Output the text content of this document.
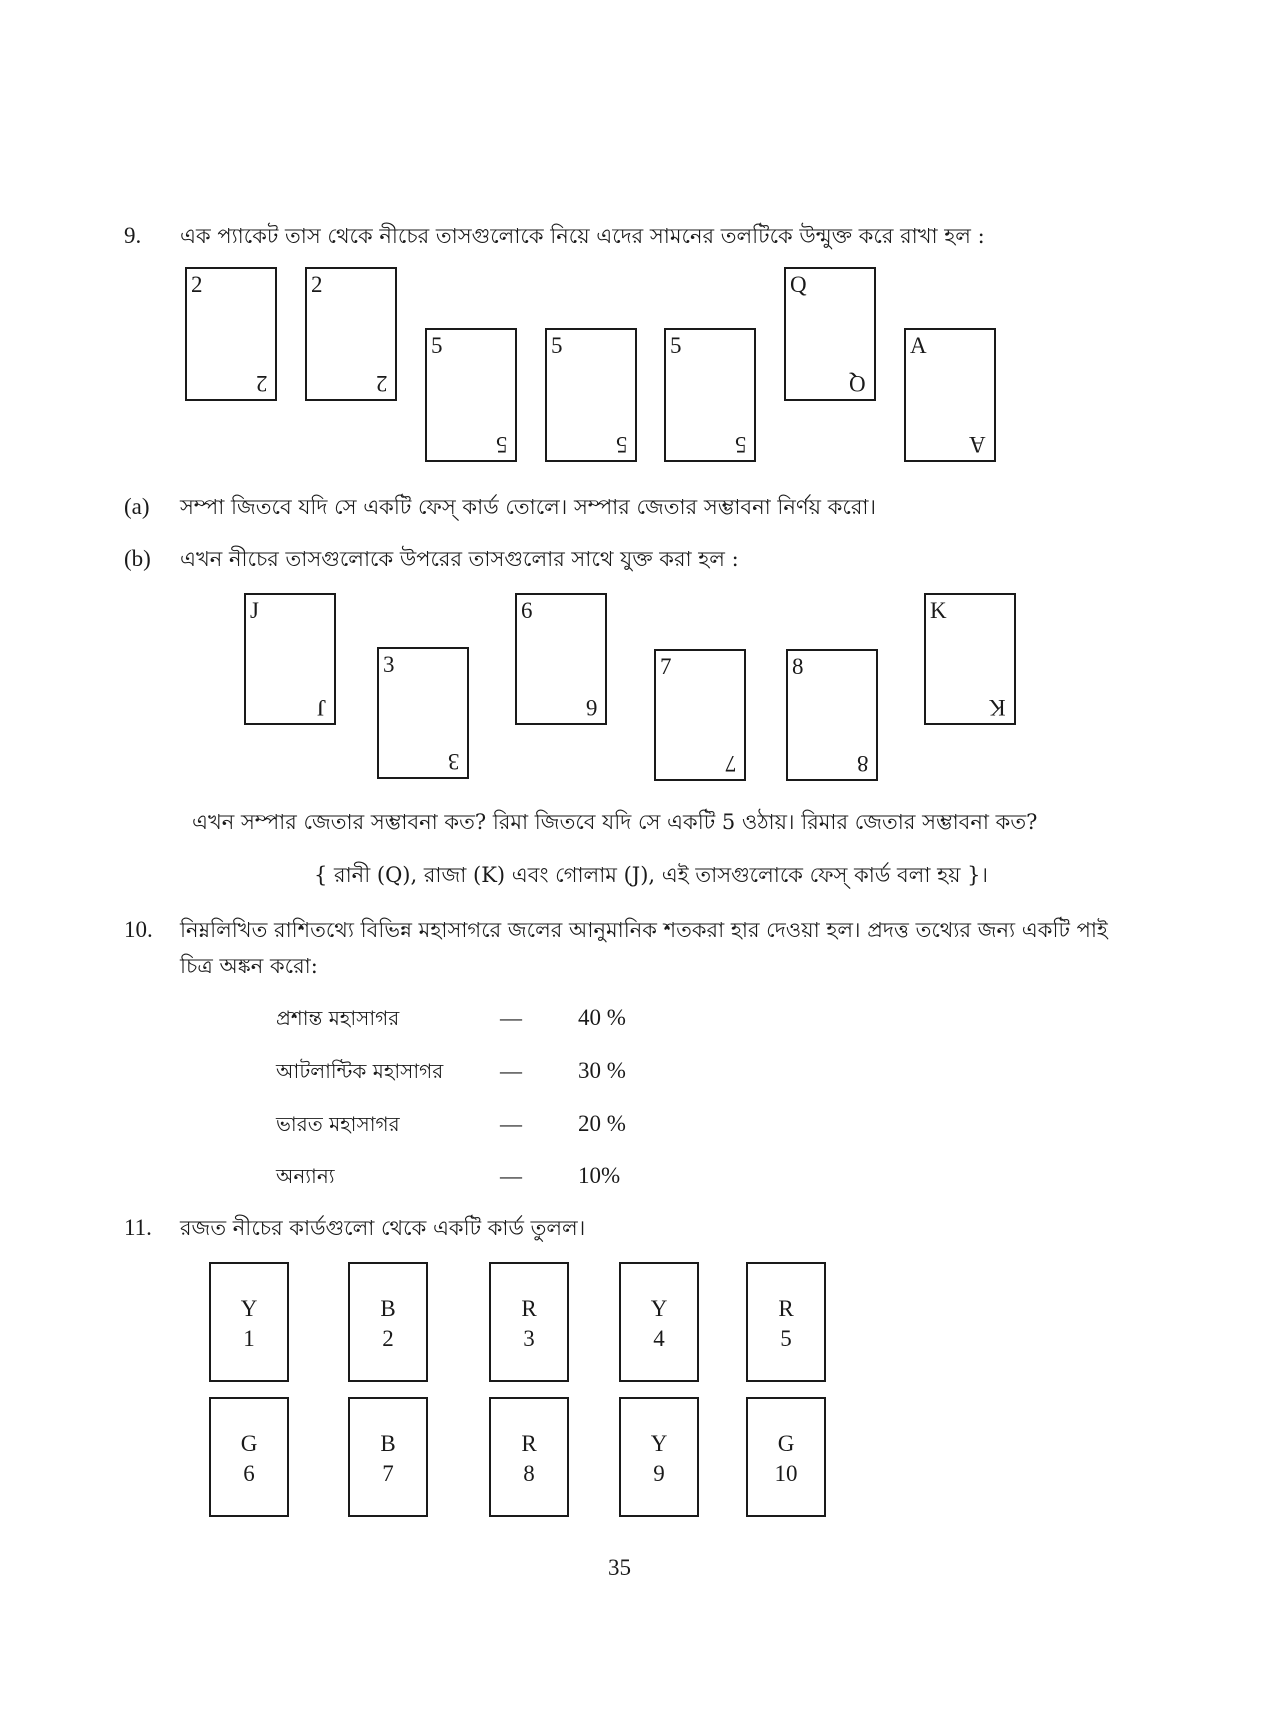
9. এক প্যাকেট তাস থেকে নীচের তাসগুলোকে নিয়ে এদের সামনের তলটিকে উন্মুক্ত করে রাখা হল :
2
2
2
2
5
5
5
5
5
5
Q
Q
A
A
(a) সম্পা জিতবে যদি সে একটি ফেস্ কার্ড তোলে। সম্পার জেতার সম্ভাবনা নির্ণয় করো।
(b) এখন নীচের তাসগুলোকে উপরের তাসগুলোর সাথে যুক্ত করা হল :
J
J
3
3
6
6
7
7
8
8
K
K
এখন সম্পার জেতার সম্ভাবনা কত? রিমা জিতবে যদি সে একটি 5 ওঠায়। রিমার জেতার সম্ভাবনা কত?
{ রানী (Q), রাজা (K) এবং গোলাম (J), এই তাসগুলোকে ফেস্ কার্ড বলা হয় }।
10. নিম্নলিখিত রাশিতথ্যে বিভিন্ন মহাসাগরে জলের আনুমানিক শতকরা হার দেওয়া হল। প্রদত্ত তথ্যের জন্য একটি পাই
চিত্র অঙ্কন করো:
প্রশান্ত মহাসাগর	— 40 %
আটলান্টিক মহাসাগর	— 30 %
ভারত মহাসাগর	— 20 %
অন্যান্য	— 10%
11. রজত নীচের কার্ডগুলো থেকে একটি কার্ড তুলল।
Y
1
B
2
R
3
Y
4
R
5
G
6
B
7
R
8
Y
9
G
10
35
